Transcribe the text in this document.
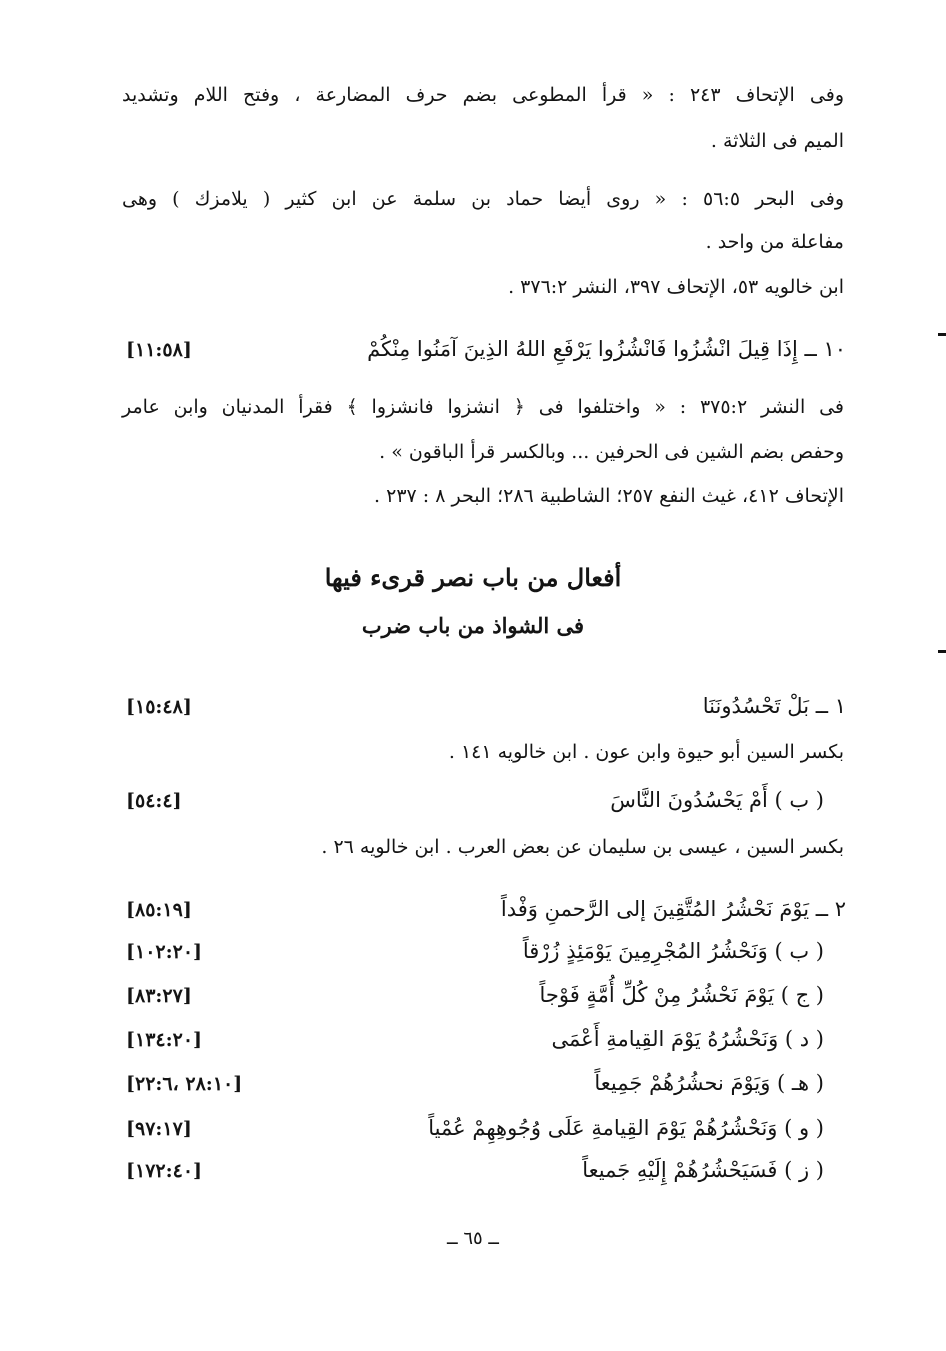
وفى الإتحاف ٢٤٣ : « قرأ المطوعى بضم حرف المضارعة ، وفتح اللام وتشديد
الميم فى الثلاثة .
وفى البحر ٥٦:٥ : « روى أيضا حماد بن سلمة عن ابن كثير ( يلامزك ) وهى
مفاعلة من واحد .
ابن خالويه ٥٣، الإتحاف ٣٩٧، النشر ٣٧٦:٢ .
١٠ ــ إِذَا قِيلَ انْشُزُوا فَانْشُزُوا يَرْفَعِ اللهُ الذِينَ آمَنُوا مِنْكُمْ
[١١:٥٨]
فى النشر ٣٧٥:٢ : « واختلفوا فى ﴿ انشزوا فانشزوا ﴾ فقرأ المدنيان وابن عامر
وحفص بضم الشين فى الحرفين ... وبالكسر قرأ الباقون » .
الإتحاف ٤١٢، غيث النفع ٢٥٧؛ الشاطبية ٢٨٦؛ البحر ٨ : ٢٣٧ .
أفعال من باب نصر قرىء فيها
فى الشواذ من باب ضرب
١ ــ بَلْ تَحْسُدُونَنَا
[١٥:٤٨]
بكسر السين أبو حيوة وابن عون . ابن خالويه ١٤١ .
( ب ) أَمْ يَحْسُدُونَ النَّاسَ
[٥٤:٤]
بكسر السين ، عيسى بن سليمان عن بعض العرب . ابن خالويه ٢٦ .
٢ ــ يَوْمَ نَحْشُرُ المُتَّقِينَ إلى الرَّحمنِ وَفْداً
[٨٥:١٩]
( ب ) وَنَحْشُرُ المُجْرِمِينَ يَوْمَئِذٍ زُرْقاً
[١٠٢:٢٠]
( ج ) يَوْمَ نَحْشُرُ مِنْ كُلِّ أُمَّةٍ فَوْجاً
[٨٣:٢٧]
( د ) وَنَحْشُرُهُ يَوْمَ القِيامةِ أَعْمَى
[١٣٤:٢٠]
( هـ ) وَيَوْمَ نحشُرُهُمْ جَمِيعاً
[٢٨:١٠ ،٢٢:٦]
( و ) وَنَحْشُرُهُمْ يَوْمَ القِيامةِ عَلَى وُجُوهِهِمْ عُمْياً
[٩٧:١٧]
( ز ) فَسَيَحْشُرُهُمْ إِلَيْهِ جَميعاً
[١٧٢:٤٠]
ــ ٦٥ ــ
